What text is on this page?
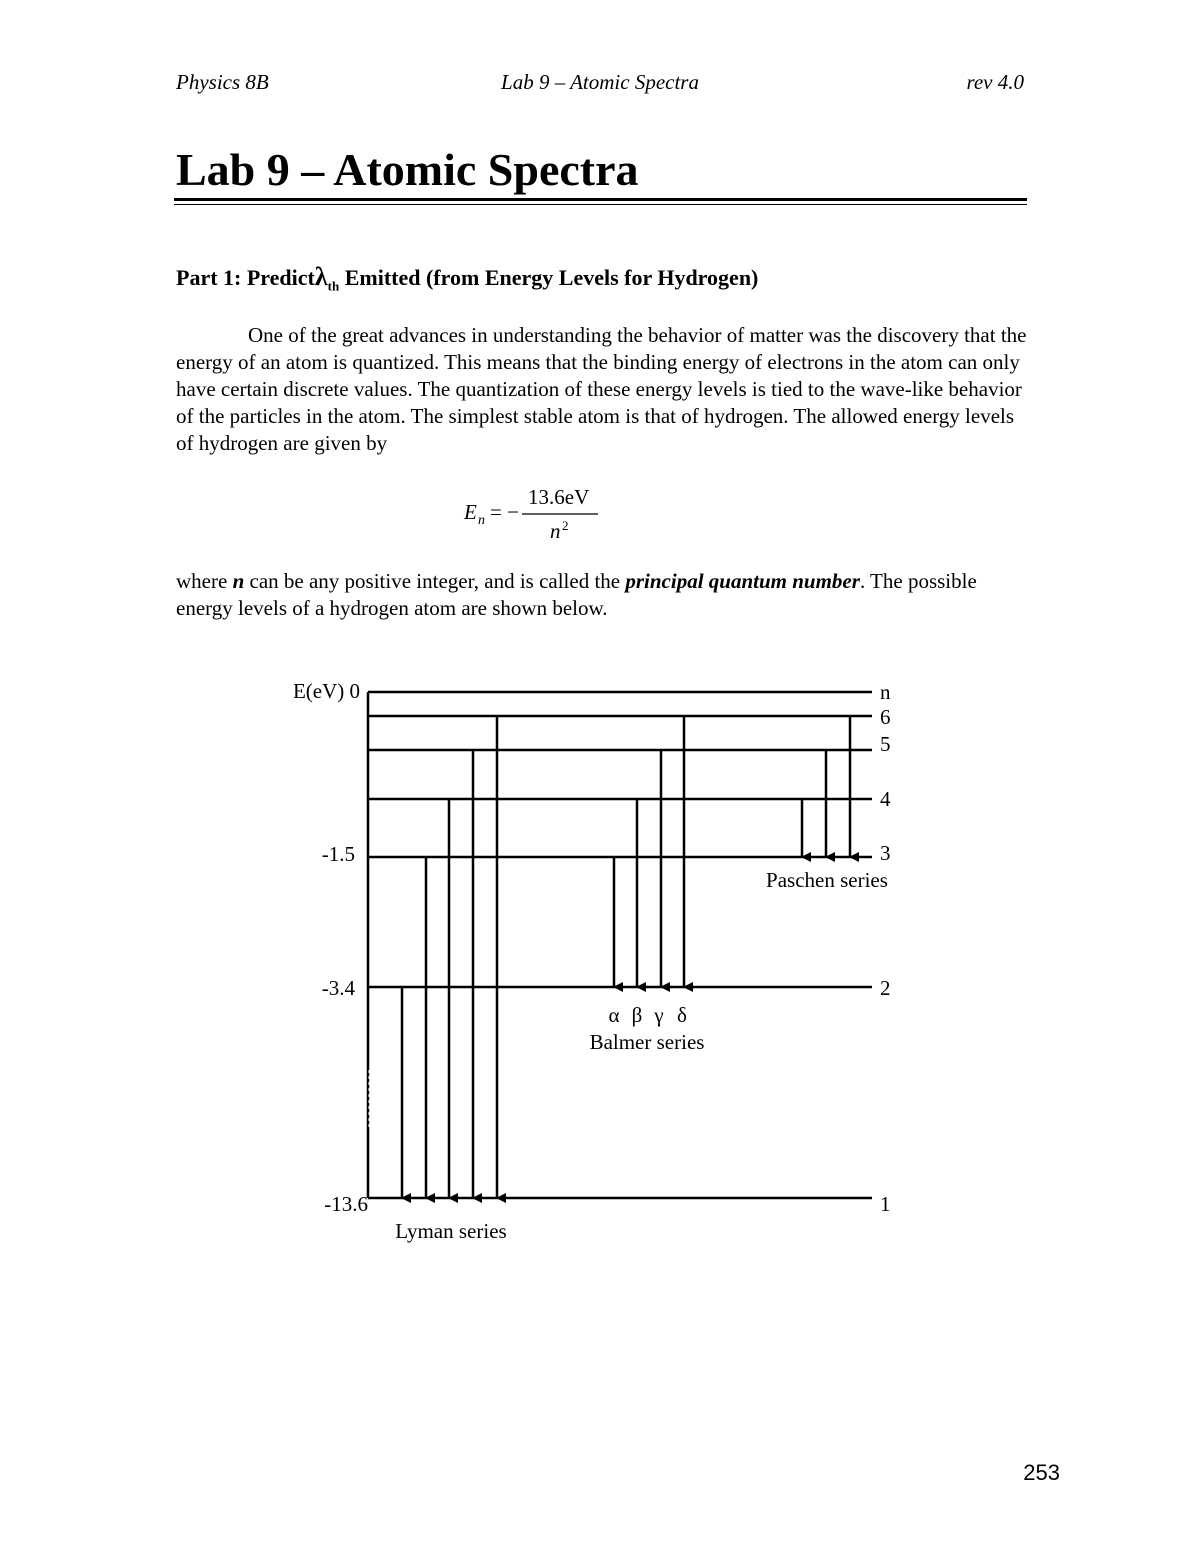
Physics 8B	Lab 9 – Atomic Spectra	rev 4.0
Lab 9 – Atomic Spectra
Part 1: Predictλ$_{th}$ Emitted (from Energy Levels for Hydrogen)
One of the great advances in understanding the behavior of matter was the discovery that the energy of an atom is quantized. This means that the binding energy of electrons in the atom can only have certain discrete values. The quantization of these energy levels is tied to the wave-like behavior of the particles in the atom. The simplest stable atom is that of hydrogen. The allowed energy levels of hydrogen are given by
E n = −
13.6eV
n 2
where n can be any positive integer, and is called the principal quantum number. The possible energy levels of a hydrogen atom are shown below.
n
6
5
4
3
2
1
E(eV) 0
-1.5
-3.4
-13.6
Paschen series
α β γ δ
Balmer series
Lyman series
253
